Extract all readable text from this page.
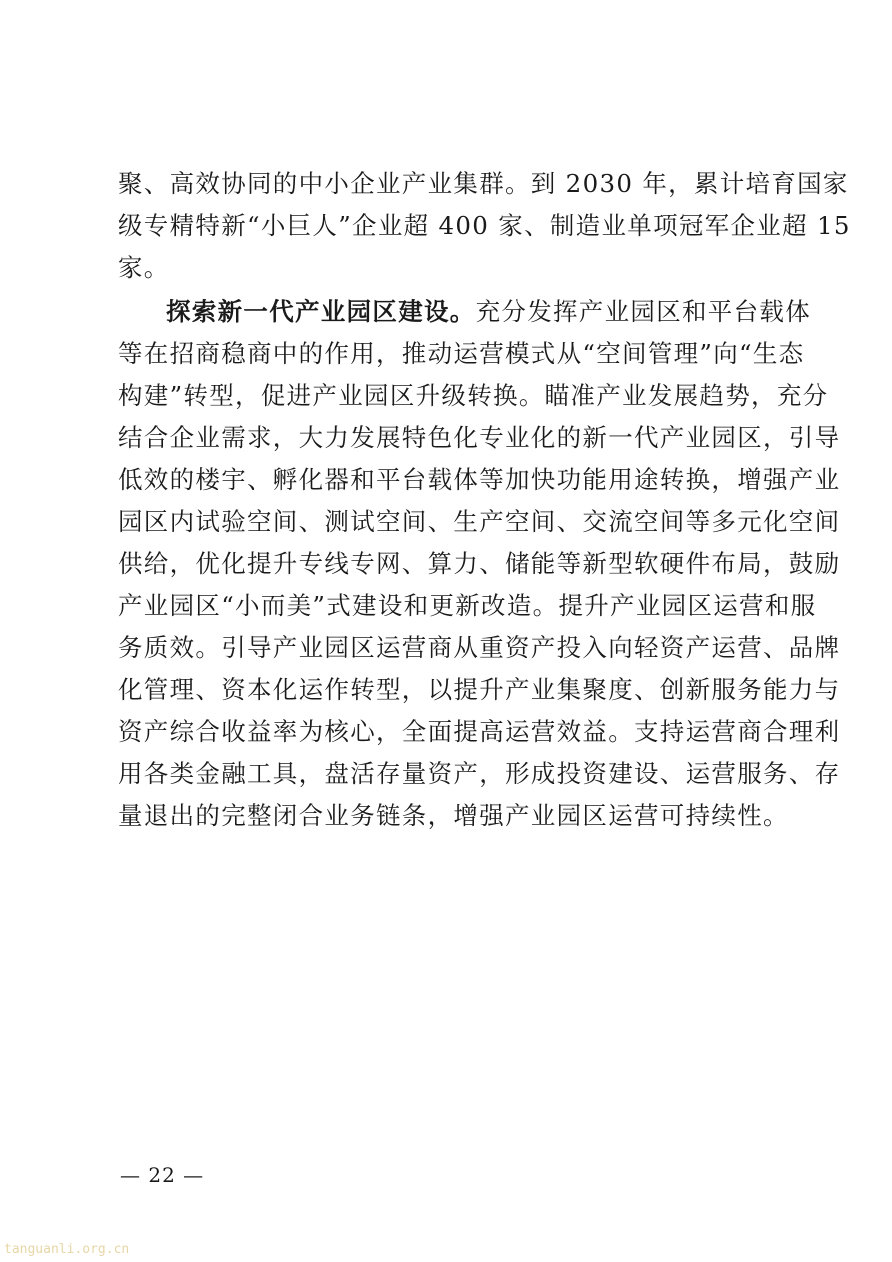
聚、高效协同的中小企业产业集群。到 2030 年，累计培育国家
级专精特新“小巨人”企业超 400 家、制造业单项冠军企业超 15
家。
探索新一代产业园区建设。充分发挥产业园区和平台载体
等在招商稳商中的作用，推动运营模式从“空间管理”向“生态
构建”转型，促进产业园区升级转换。瞄准产业发展趋势，充分
结合企业需求，大力发展特色化专业化的新一代产业园区，引导
低效的楼宇、孵化器和平台载体等加快功能用途转换，增强产业
园区内试验空间、测试空间、生产空间、交流空间等多元化空间
供给，优化提升专线专网、算力、储能等新型软硬件布局，鼓励
产业园区“小而美”式建设和更新改造。提升产业园区运营和服
务质效。引导产业园区运营商从重资产投入向轻资产运营、品牌
化管理、资本化运作转型，以提升产业集聚度、创新服务能力与
资产综合收益率为核心，全面提高运营效益。支持运营商合理利
用各类金融工具，盘活存量资产，形成投资建设、运营服务、存
量退出的完整闭合业务链条，增强产业园区运营可持续性。
— 22 —
tanguanli.org.cn
